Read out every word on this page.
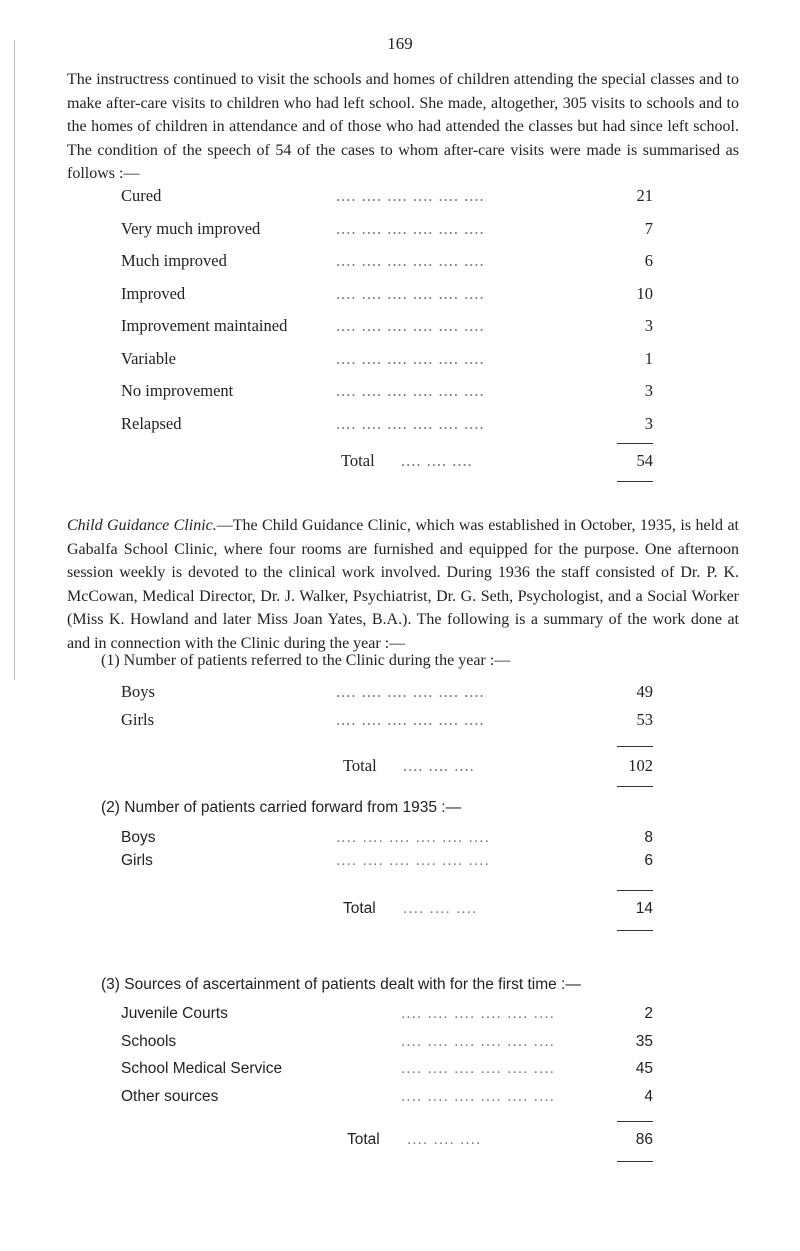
169
The instructress continued to visit the schools and homes of children attending the special classes and to make after-care visits to children who had left school. She made, altogether, 305 visits to schools and to the homes of children in attendance and of those who had attended the classes but had since left school. The condition of the speech of 54 of the cases to whom after-care visits were made is summarised as follows :—
.... .... .... .... .... ....
Cured	21
.... .... .... .... .... ....
Very much improved	7
.... .... .... .... .... ....
Much improved	6
.... .... .... .... .... ....
Improved	10
.... .... .... .... .... ....
Improvement maintained	3
.... .... .... .... .... ....
Variable	1
.... .... .... .... .... ....
No improvement	3
.... .... .... .... .... ....
Relapsed	3
.... .... ....
Total	54
Child Guidance Clinic.—The Child Guidance Clinic, which was established in October, 1935, is held at Gabalfa School Clinic, where four rooms are furnished and equipped for the purpose. One afternoon session weekly is devoted to the clinical work involved. During 1936 the staff consisted of Dr. P. K. McCowan, Medical Director, Dr. J. Walker, Psychiatrist, Dr. G. Seth, Psychologist, and a Social Worker (Miss K. Howland and later Miss Joan Yates, B.A.). The following is a summary of the work done at and in connection with the Clinic during the year :—
(1) Number of patients referred to the Clinic during the year :—
.... .... .... .... .... ....
Boys	49
.... .... .... .... .... ....
Girls	53
.... .... ....
Total	102
(2) Number of patients carried forward from 1935 :—
.... .... .... .... .... ....
Boys	8
.... .... .... .... .... ....
Girls	6
.... .... ....
Total	14
(3) Sources of ascertainment of patients dealt with for the first time :—
.... .... .... .... .... ....
Juvenile Courts	2
.... .... .... .... .... ....
Schools	35
.... .... .... .... .... ....
School Medical Service	45
.... .... .... .... .... ....
Other sources	4
.... .... ....
Total	86
